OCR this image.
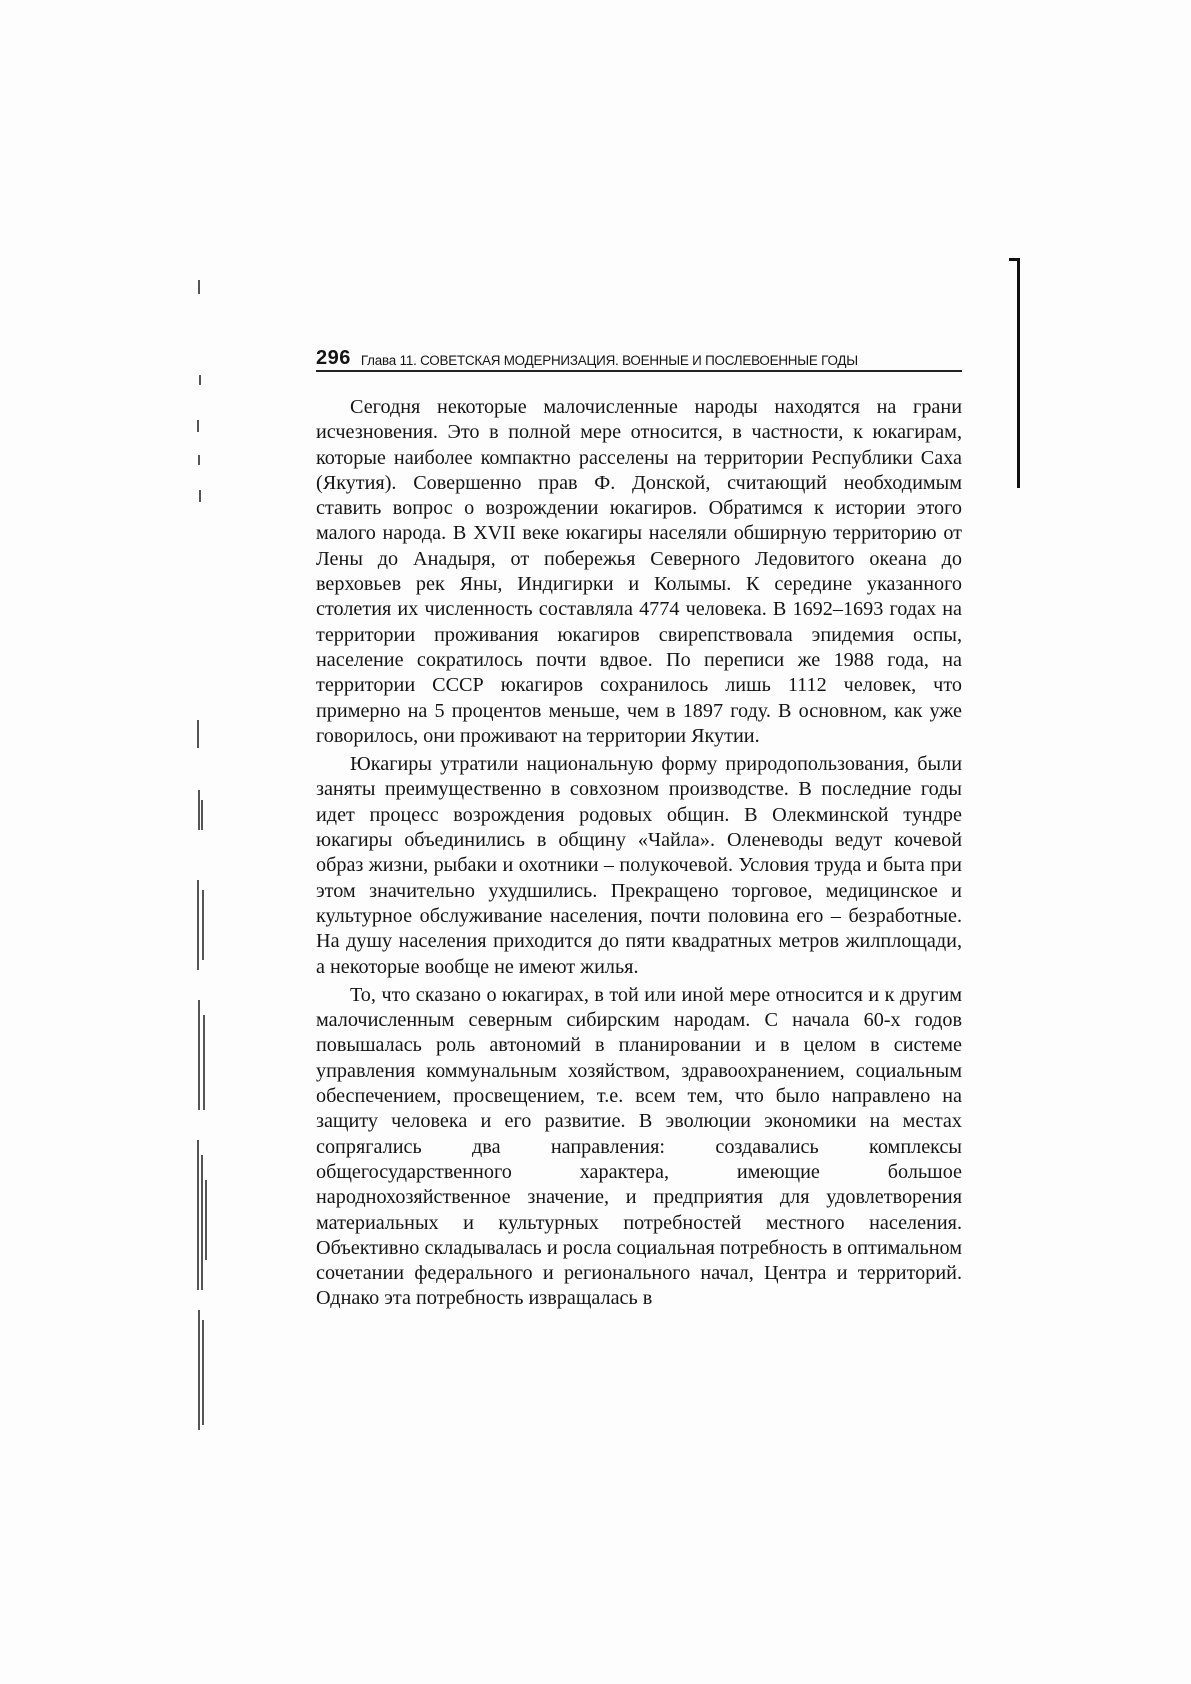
296 Глава 11. СОВЕТСКАЯ МОДЕРНИЗАЦИЯ. ВОЕННЫЕ И ПОСЛЕВОЕННЫЕ ГОДЫ

Сегодня некоторые малочисленные народы находятся на грани исчезновения. Это в полной мере относится, в частности, к юкагирам, которые наиболее компактно расселены на территории Республики Саха (Якутия). Совершенно прав Ф. Донской, считающий необходимым ставить вопрос о возрождении юкагиров. Обратимся к истории этого малого народа. В XVII веке юкагиры населяли обширную территорию от Лены до Анадыря, от побережья Северного Ледовитого океана до верховьев рек Яны, Индигирки и Колымы. К середине указанного столетия их численность составляла 4774 человека. В 1692–1693 годах на территории проживания юкагиров свирепствовала эпидемия оспы, население сократилось почти вдвое. По переписи же 1988 года, на территории СССР юкагиров сохранилось лишь 1112 человек, что примерно на 5 процентов меньше, чем в 1897 году. В основном, как уже говорилось, они проживают на территории Якутии.

Юкагиры утратили национальную форму природопользования, были заняты преимущественно в совхозном производстве. В последние годы идет процесс возрождения родовых общин. В Олекминской тундре юкагиры объединились в общину «Чайла». Оленеводы ведут кочевой образ жизни, рыбаки и охотники – полукочевой. Условия труда и быта при этом значительно ухудшились. Прекращено торговое, медицинское и культурное обслуживание населения, почти половина его – безработные. На душу населения приходится до пяти квадратных метров жилплощади, а некоторые вообще не имеют жилья.

То, что сказано о юкагирах, в той или иной мере относится и к другим малочисленным северным сибирским народам. С начала 60-х годов повышалась роль автономий в планировании и в целом в системе управления коммунальным хозяйством, здравоохранением, социальным обеспечением, просвещением, т.е. всем тем, что было направлено на защиту человека и его развитие. В эволюции экономики на местах сопрягались два направления: создавались комплексы общегосударственного характера, имеющие большое народнохозяйственное значение, и предприятия для удовлетворения материальных и культурных потребностей местного населения. Объективно складывалась и росла социальная потребность в оптимальном сочетании федерального и регионального начал, Центра и территорий. Однако эта потребность извращалась в
